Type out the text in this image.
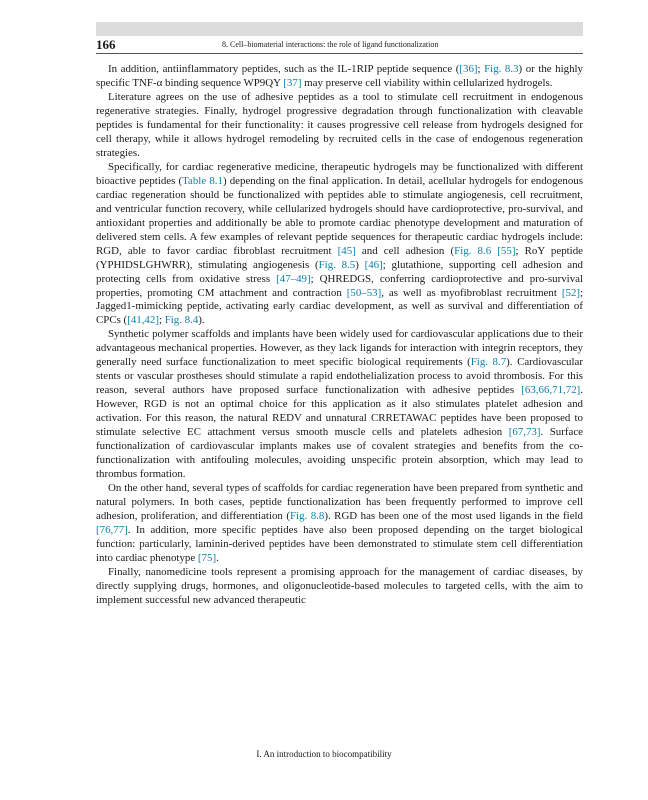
166	8. Cell–biomaterial interactions: the role of ligand functionalization

In addition, antiinflammatory peptides, such as the IL-1RIP peptide sequence ([36]; Fig. 8.3) or the highly specific TNF-α binding sequence WP9QY [37] may preserve cell viability within cellularized hydrogels.

Literature agrees on the use of adhesive peptides as a tool to stimulate cell recruitment in endogenous regenerative strategies. Finally, hydrogel progressive degradation through functionalization with cleavable peptides is fundamental for their functionality: it causes progressive cell release from hydrogels designed for cell therapy, while it allows hydrogel remodeling by recruited cells in the case of endogenous regeneration strategies.

Specifically, for cardiac regenerative medicine, therapeutic hydrogels may be functionalized with different bioactive peptides (Table 8.1) depending on the final application. In detail, acellular hydrogels for endogenous cardiac regeneration should be functionalized with peptides able to stimulate angiogenesis, cell recruitment, and ventricular function recovery, while cellularized hydrogels should have cardioprotective, pro-survival, and antioxidant properties and additionally be able to promote cardiac phenotype development and maturation of delivered stem cells. A few examples of relevant peptide sequences for therapeutic cardiac hydrogels include: RGD, able to favor cardiac fibroblast recruitment [45] and cell adhesion (Fig. 8.6 [55]; RoY peptide (YPHIDSLGHWRR), stimulating angiogenesis (Fig. 8.5) [46]; glutathione, supporting cell adhesion and protecting cells from oxidative stress [47–49]; QHREDGS, conferring cardioprotective and pro-survival properties, promoting CM attachment and contraction [50–53], as well as myofibroblast recruitment [52]; Jagged1-mimicking peptide, activating early cardiac development, as well as survival and differentiation of CPCs ([41,42]; Fig. 8.4).

Synthetic polymer scaffolds and implants have been widely used for cardiovascular applications due to their advantageous mechanical properties. However, as they lack ligands for interaction with integrin receptors, they generally need surface functionalization to meet specific biological requirements (Fig. 8.7). Cardiovascular stents or vascular prostheses should stimulate a rapid endothelialization process to avoid thrombosis. For this reason, several authors have proposed surface functionalization with adhesive peptides [63,66,71,72]. However, RGD is not an optimal choice for this application as it also stimulates platelet adhesion and activation. For this reason, the natural REDV and unnatural CRRETAWAC peptides have been proposed to stimulate selective EC attachment versus smooth muscle cells and platelets adhesion [67,73]. Surface functionalization of cardiovascular implants makes use of covalent strategies and benefits from the co-functionalization with antifouling molecules, avoiding unspecific protein absorption, which may lead to thrombus formation.

On the other hand, several types of scaffolds for cardiac regeneration have been prepared from synthetic and natural polymers. In both cases, peptide functionalization has been frequently performed to improve cell adhesion, proliferation, and differentiation (Fig. 8.8). RGD has been one of the most used ligands in the field [76,77]. In addition, more specific peptides have also been proposed depending on the target biological function: particularly, laminin-derived peptides have been demonstrated to stimulate stem cell differentiation into cardiac phenotype [75].

Finally, nanomedicine tools represent a promising approach for the management of cardiac diseases, by directly supplying drugs, hormones, and oligonucleotide-based molecules to targeted cells, with the aim to implement successful new advanced therapeutic

I. An introduction to biocompatibility
